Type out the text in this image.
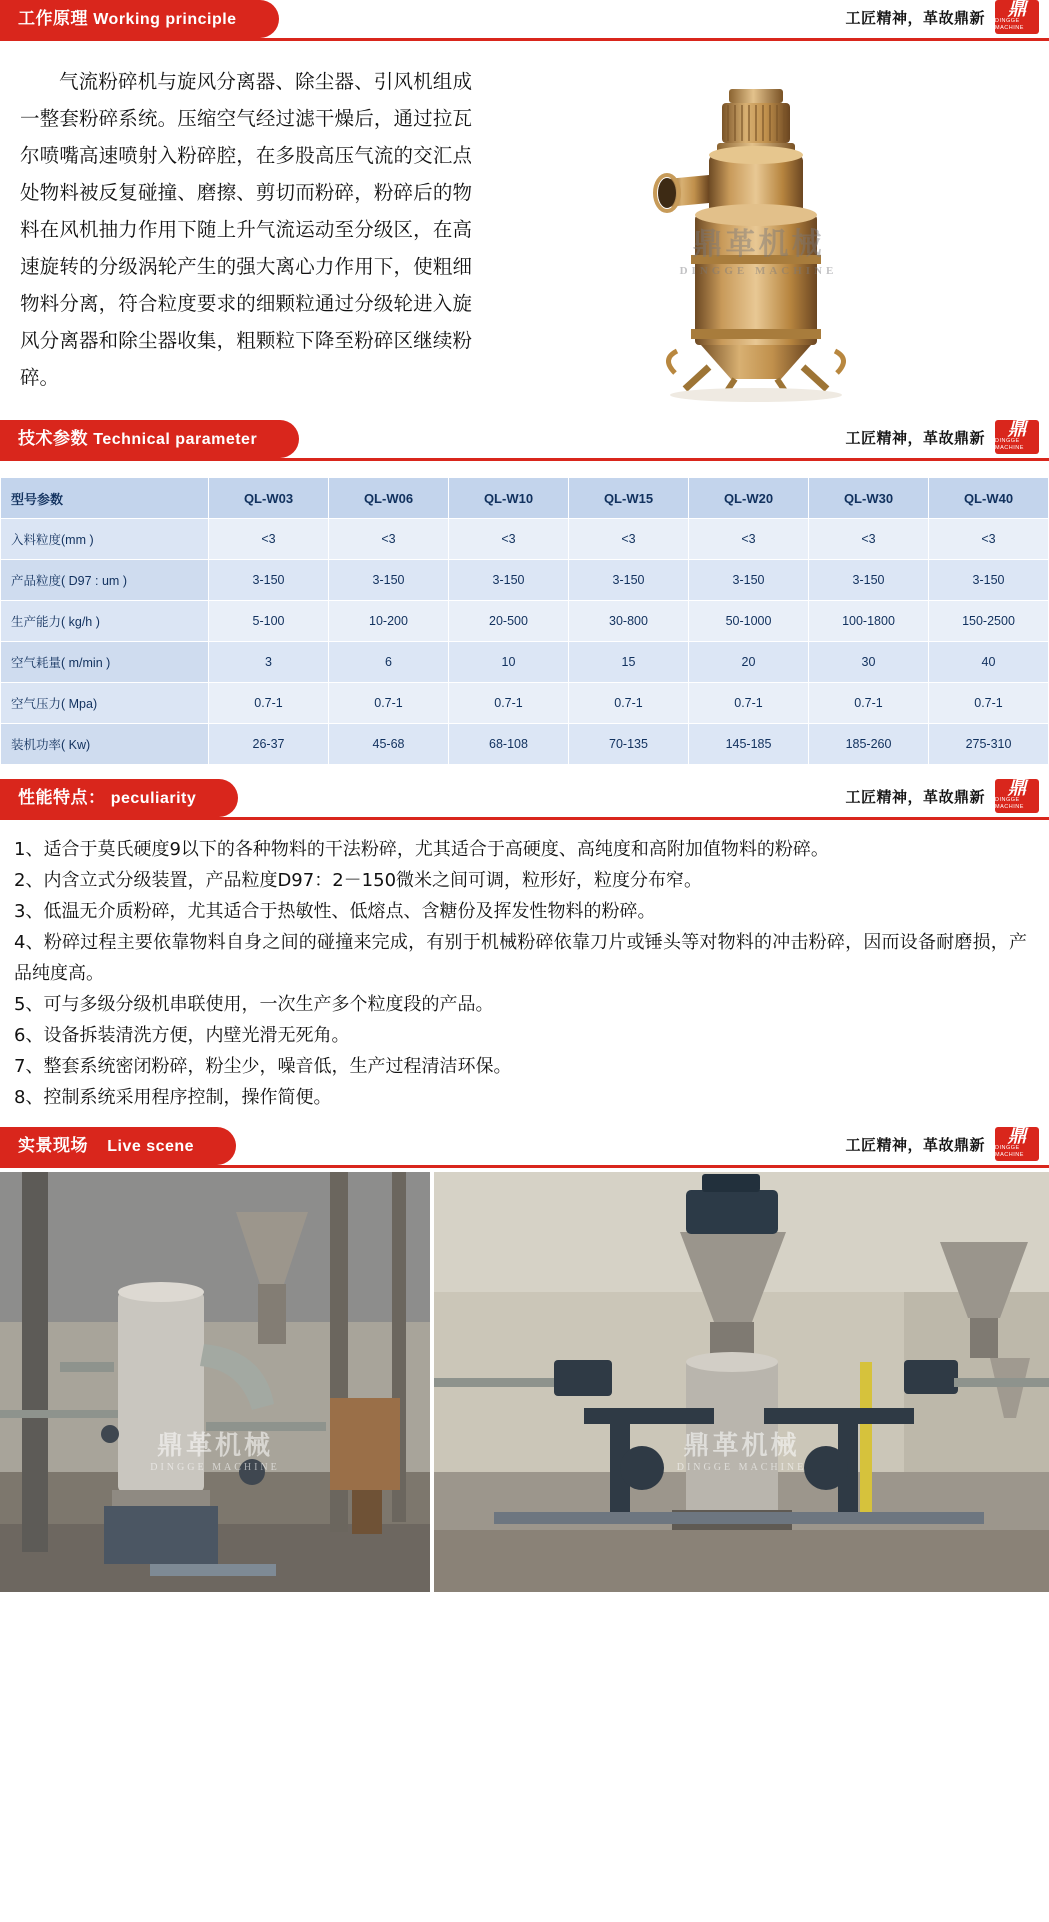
工作原理 Working principle	工匠精神，革故鼎新 鼎
DINGGE MACHINE
气流粉碎机与旋风分离器、除尘器、引风机组成一整套粉碎系统。压缩空气经过滤干燥后，通过拉瓦尔喷嘴高速喷射入粉碎腔，在多股高压气流的交汇点处物料被反复碰撞、磨擦、剪切而粉碎，粉碎后的物料在风机抽力作用下随上升气流运动至分级区，在高速旋转的分级涡轮产生的强大离心力作用下，使粗细物料分离，符合粒度要求的细颗粒通过分级轮进入旋风分离器和除尘器收集，粗颗粒下降至粉碎区继续粉碎。
鼎革机械
DINGGE MACHINE
技术参数 Technical parameter	工匠精神，革故鼎新 鼎
DINGGE MACHINE
型号参数	QL-W03	QL-W06	QL-W10	QL-W15	QL-W20	QL-W30	QL-W40
入料粒度(mm )	<3	<3	<3	<3	<3	<3	<3
产品粒度( D97 : um )	3-150	3-150	3-150	3-150	3-150	3-150	3-150
生产能力( kg/h )	5-100	10-200	20-500	30-800	50-1000	100-1800	150-2500
空气耗量( m/min )	3	6	10	15	20	30	40
空气压力( Mpa)	0.7-1	0.7-1	0.7-1	0.7-1	0.7-1	0.7-1	0.7-1
装机功率( Kw)	26-37	45-68	68-108	70-135	145-185	185-260	275-310
性能特点： peculiarity	工匠精神，革故鼎新 鼎
DINGGE MACHINE

1、适合于莫氏硬度9以下的各种物料的干法粉碎，尤其适合于高硬度、高纯度和高附加值物料的粉碎。

2、内含立式分级装置，产品粒度D97：2－150微米之间可调，粒形好，粒度分布窄。

3、低温无介质粉碎，尤其适合于热敏性、低熔点、含糖份及挥发性物料的粉碎。

4、粉碎过程主要依靠物料自身之间的碰撞来完成，有别于机械粉碎依靠刀片或锤头等对物料的冲击粉碎，因而设备耐磨损，产品纯度高。

5、可与多级分级机串联使用，一次生产多个粒度段的产品。

6、设备拆装清洗方便，内壁光滑无死角。

7、整套系统密闭粉碎，粉尘少，噪音低，生产过程清洁环保。

8、控制系统采用程序控制，操作简便。

实景现场 Live scene	工匠精神，革故鼎新 鼎
DINGGE MACHINE
鼎革机械
DINGGE MACHINE
鼎革机械
DINGGE MACHINE
